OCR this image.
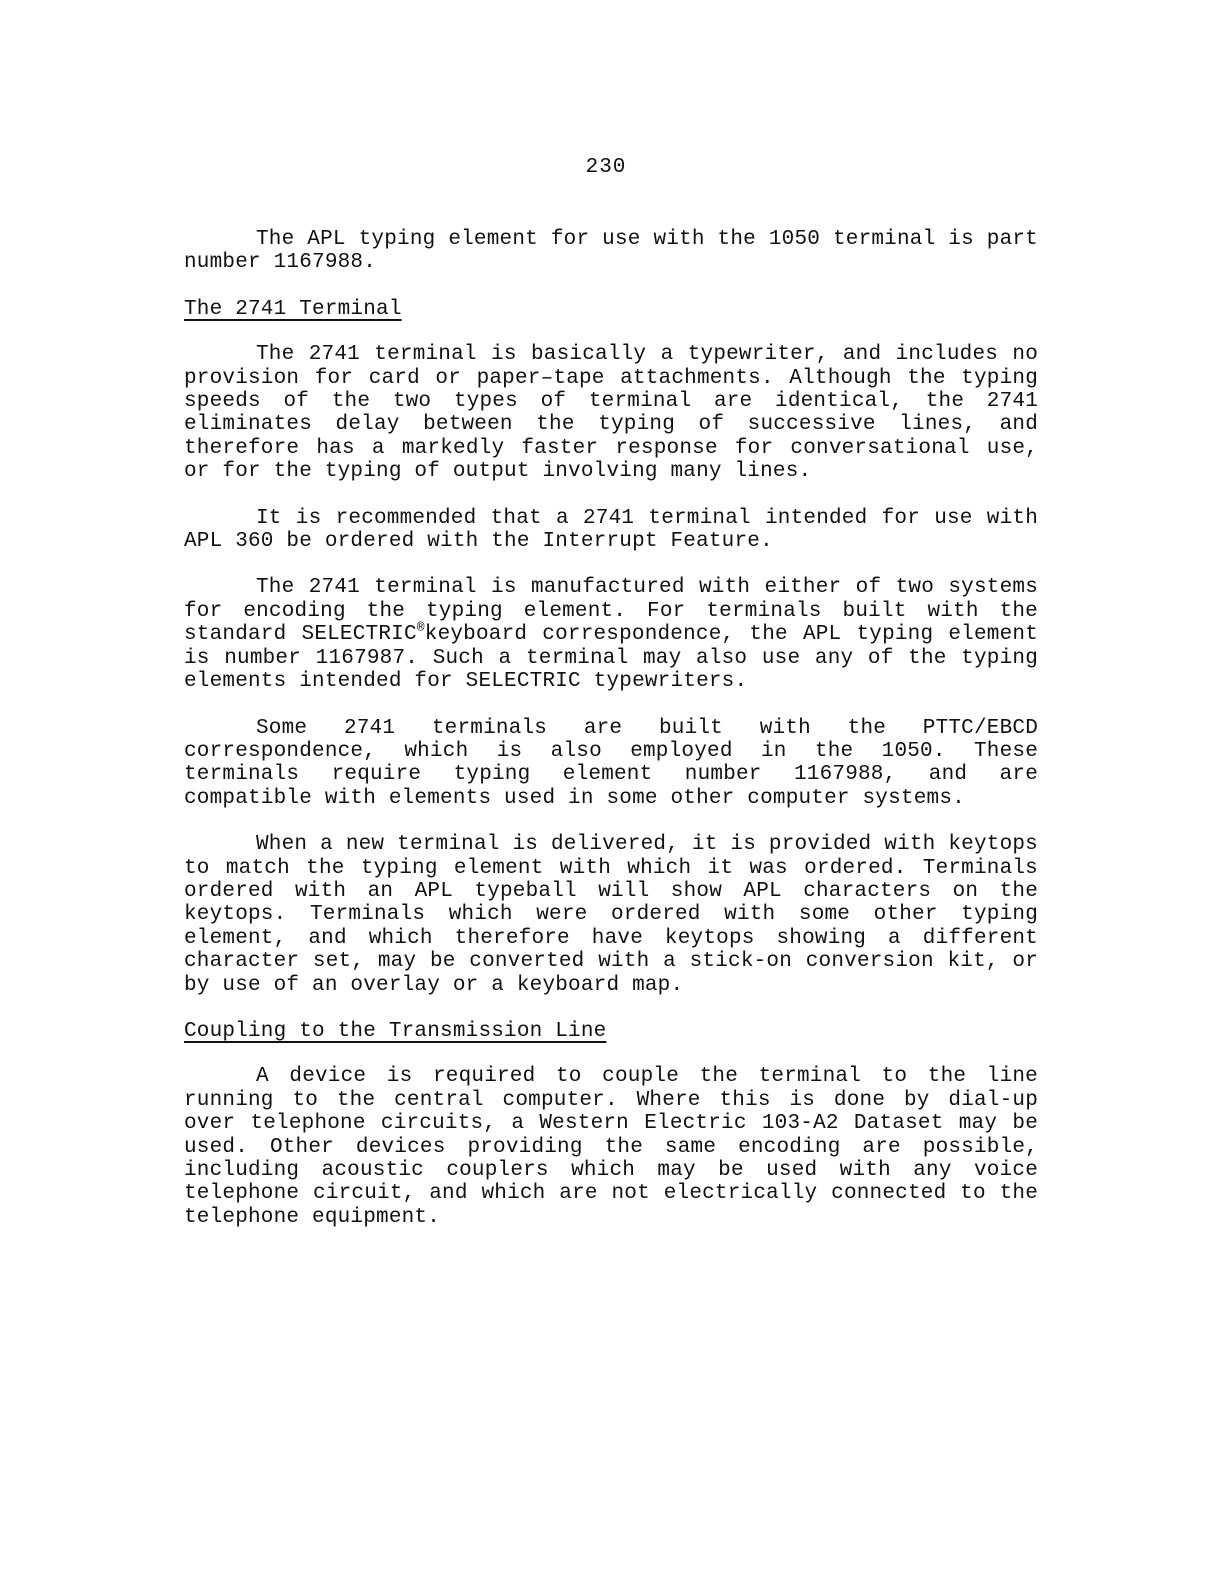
230

The APL typing element for use with the 1050 terminal is part number 1167988.

The 2741 Terminal

The 2741 terminal is basically a typewriter, and includes no provision for card or paper–tape attachments. Although the typing speeds of the two types of terminal are identical, the 2741 eliminates delay between the typing of successive lines, and therefore has a markedly faster response for conversational use, or for the typing of output involving many lines.

It is recommended that a 2741 terminal intended for use with APL 360 be ordered with the Interrupt Feature.

The 2741 terminal is manufactured with either of two systems for encoding the typing element. For terminals built with the standard SELECTRIC®keyboard correspondence, the APL typing element is number 1167987. Such a terminal may also use any of the typing elements intended for SELECTRIC typewriters.

Some 2741 terminals are built with the PTTC/EBCD correspondence, which is also employed in the 1050. These terminals require typing element number 1167988, and are compatible with elements used in some other computer systems.

When a new terminal is delivered, it is provided with keytops to match the typing element with which it was ordered. Terminals ordered with an APL typeball will show APL characters on the keytops. Terminals which were ordered with some other typing element, and which therefore have keytops showing a different character set, may be converted with a stick-on conversion kit, or by use of an overlay or a keyboard map.

Coupling to the Transmission Line

A device is required to couple the terminal to the line running to the central computer. Where this is done by dial-up over telephone circuits, a Western Electric 103-A2 Dataset may be used. Other devices providing the same encoding are possible, including acoustic couplers which may be used with any voice telephone circuit, and which are not electrically connected to the telephone equipment.
